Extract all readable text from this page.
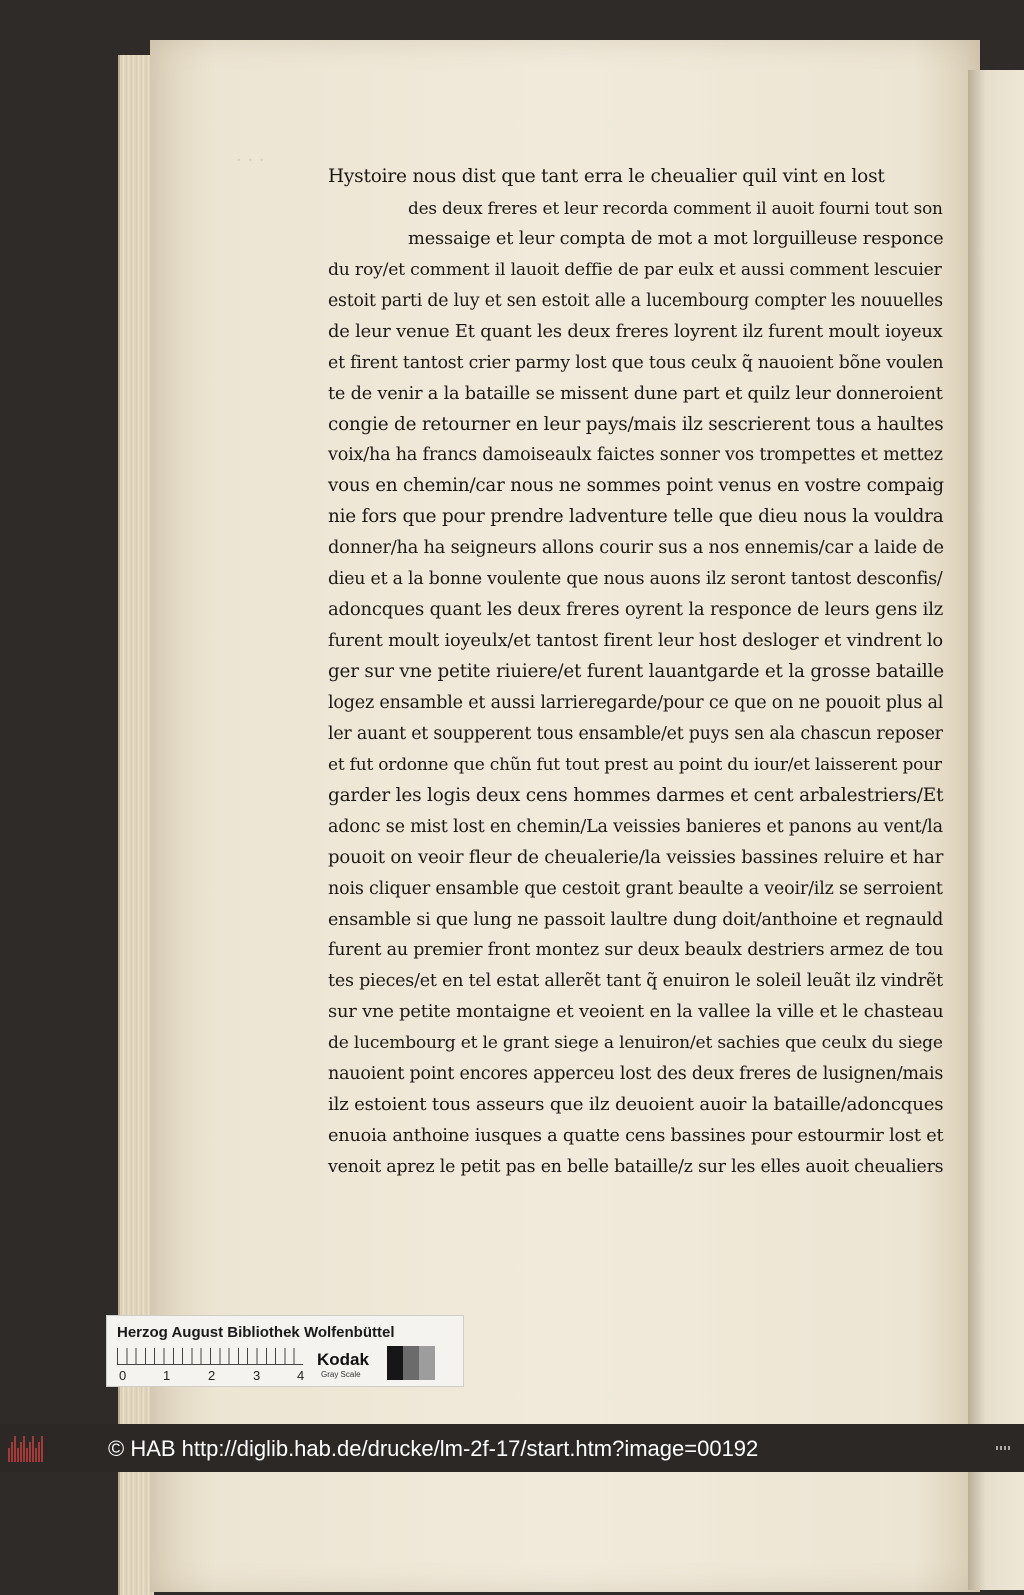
· · ·
Hystoire nous dist que tant erra le cheualier quil vint en lost
des deux freres et leur recorda comment il auoit fourni tout son
messaige et leur compta de mot a mot lorguilleuse responce
du roy/et comment il lauoit deffie de par eulx et aussi comment lescuier
estoit parti de luy et sen estoit alle a lucembourg compter les nouuelles
de leur venue Et quant les deux freres loyrent ilz furent moult ioyeux
et firent tantost crier parmy lost que tous ceulx q̃ nauoient bõne voulen
te de venir a la bataille se missent dune part et quilz leur donneroient
congie de retourner en leur pays/mais ilz sescrierent tous a haultes
voix/ha ha francs damoiseaulx faictes sonner vos trompettes et mettez
vous en chemin/car nous ne sommes point venus en vostre compaig
nie fors que pour prendre ladventure telle que dieu nous la vouldra
donner/ha ha seigneurs allons courir sus a nos ennemis/car a laide de
dieu et a la bonne voulente que nous auons ilz seront tantost desconfis/
adoncques quant les deux freres oyrent la responce de leurs gens ilz
furent moult ioyeulx/et tantost firent leur host desloger et vindrent lo
ger sur vne petite riuiere/et furent lauantgarde et la grosse bataille
logez ensamble et aussi larrieregarde/pour ce que on ne pouoit plus al
ler auant et soupperent tous ensamble/et puys sen ala chascun reposer
et fut ordonne que chũn fut tout prest au point du iour/et laisserent pour
garder les logis deux cens hommes darmes et cent arbalestriers/Et
adonc se mist lost en chemin/La veissies banieres et panons au vent/la
pouoit on veoir fleur de cheualerie/la veissies bassines reluire et har
nois cliquer ensamble que cestoit grant beaulte a veoir/ilz se serroient
ensamble si que lung ne passoit laultre dung doit/anthoine et regnauld
furent au premier front montez sur deux beaulx destriers armez de tou
tes pieces/et en tel estat allerẽt tant q̃ enuiron le soleil leuãt ilz vindrẽt
sur vne petite montaigne et veoient en la vallee la ville et le chasteau
de lucembourg et le grant siege a lenuiron/et sachies que ceulx du siege
nauoient point encores apperceu lost des deux freres de lusignen/mais
ilz estoient tous asseurs que ilz deuoient auoir la bataille/adoncques
enuoia anthoine iusques a quatte cens bassines pour estourmir lost et
venoit aprez le petit pas en belle bataille/z sur les elles auoit cheualiers
Herzog August Bibliothek Wolfenbüttel
0	1	2	3	4
Kodak
Gray Scale
© HAB http://diglib.hab.de/drucke/lm-2f-17/start.htm?image=00192
